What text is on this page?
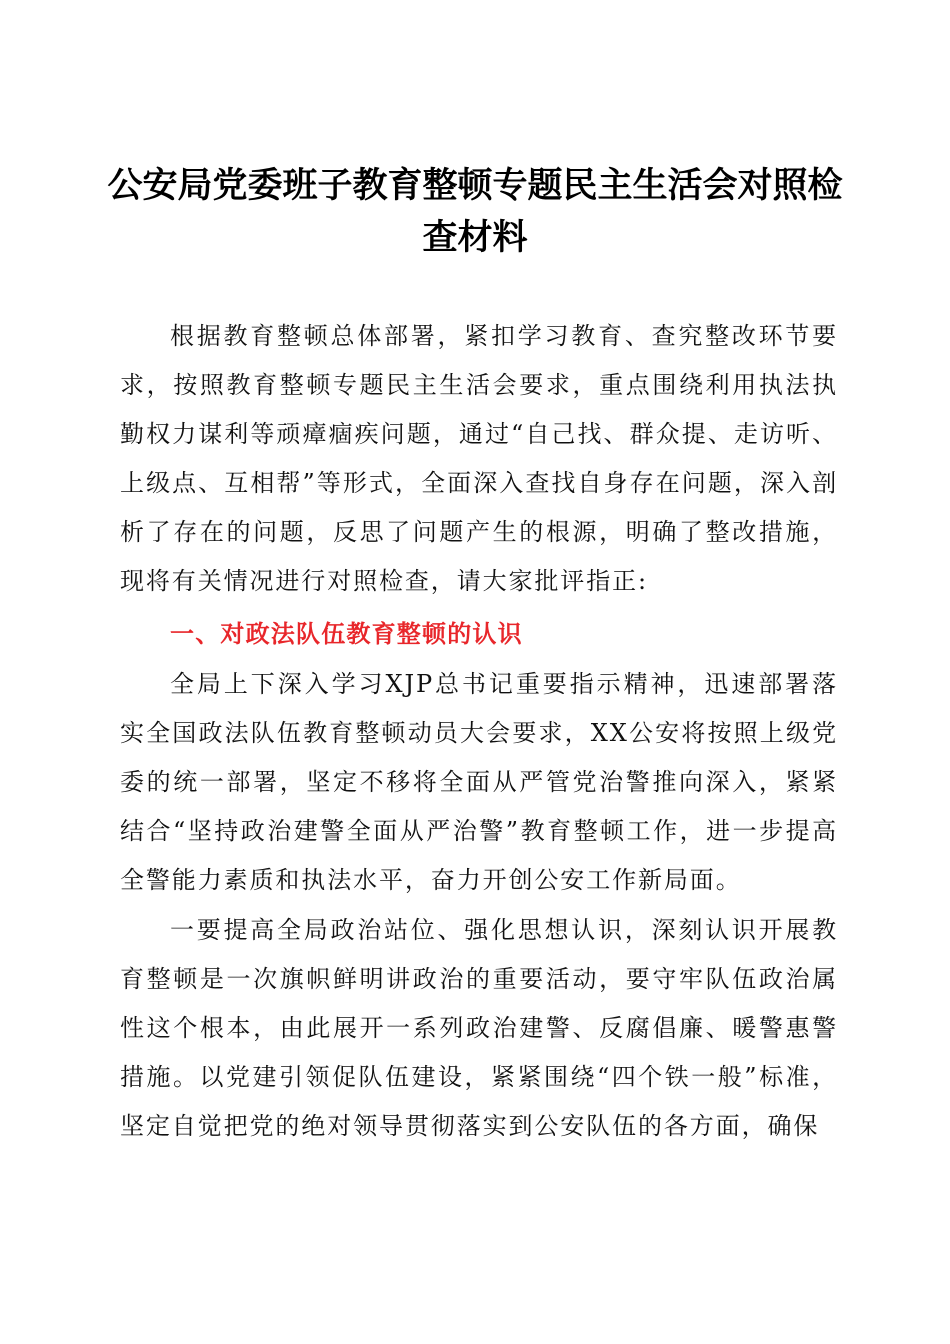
公安局党委班子教育整顿专题民主生活会对照检查材料

根据教育整顿总体部署，紧扣学习教育、查究整改环节要求，按照教育整顿专题民主生活会要求，重点围绕利用执法执勤权力谋利等顽瘴痼疾问题，通过“自己找、群众提、走访听、上级点、互相帮”等形式，全面深入查找自身存在问题，深入剖析了存在的问题，反思了问题产生的根源，明确了整改措施，现将有关情况进行对照检查，请大家批评指正:

一、对政法队伍教育整顿的认识

全局上下深入学习XJP总书记重要指示精神，迅速部署落实全国政法队伍教育整顿动员大会要求，XX公安将按照上级党委的统一部署，坚定不移将全面从严管党治警推向深入，紧紧结合“坚持政治建警全面从严治警”教育整顿工作，进一步提高全警能力素质和执法水平，奋力开创公安工作新局面。

一要提高全局政治站位、强化思想认识，深刻认识开展教育整顿是一次旗帜鲜明讲政治的重要活动，要守牢队伍政治属性这个根本，由此展开一系列政治建警、反腐倡廉、暖警惠警措施。以党建引领促队伍建设，紧紧围绕“四个铁一般”标准，坚定自觉把党的绝对领导贯彻落实到公安队伍的各方面，确保
